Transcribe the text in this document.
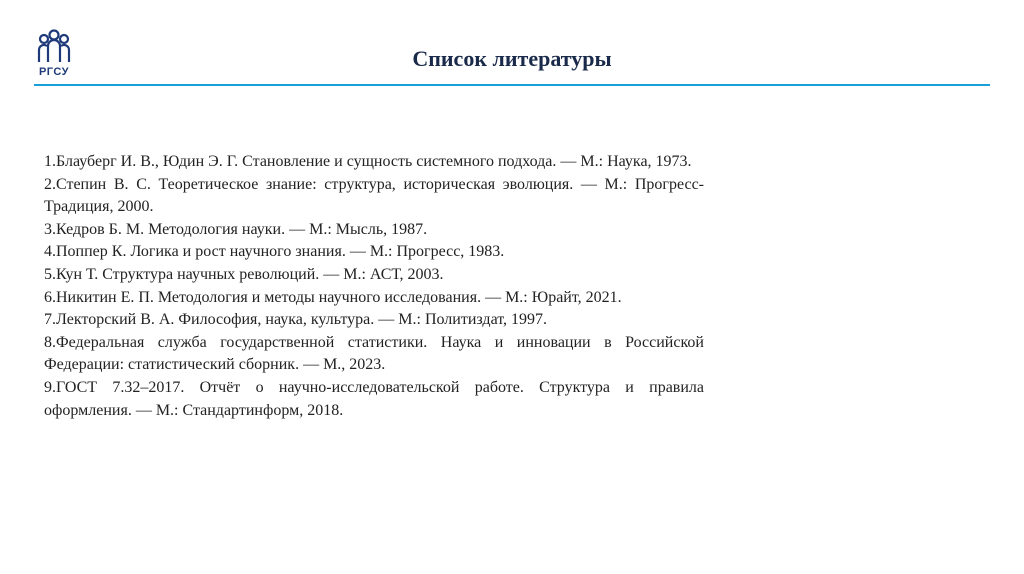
РГСУ
Список литературы

1.Блауберг И. В., Юдин Э. Г. Становление и сущность системного подхода. — М.: Наука, 1973.

2.Степин В. С. Теоретическое знание: структура, историческая эволюция. — М.: Прогресс-Традиция, 2000.

3.Кедров Б. М. Методология науки. — М.: Мысль, 1987.

4.Поппер К. Логика и рост научного знания. — М.: Прогресс, 1983.

5.Кун Т. Структура научных революций. — М.: АСТ, 2003.

6.Никитин Е. П. Методология и методы научного исследования. — М.: Юрайт, 2021.

7.Лекторский В. А. Философия, наука, культура. — М.: Политиздат, 1997.

8.Федеральная служба государственной статистики. Наука и инновации в Российской Федерации: статистический сборник. — М., 2023.

9.ГОСТ 7.32–2017. Отчёт о научно-исследовательской работе. Структура и правила оформления. — М.: Стандартинформ, 2018.
